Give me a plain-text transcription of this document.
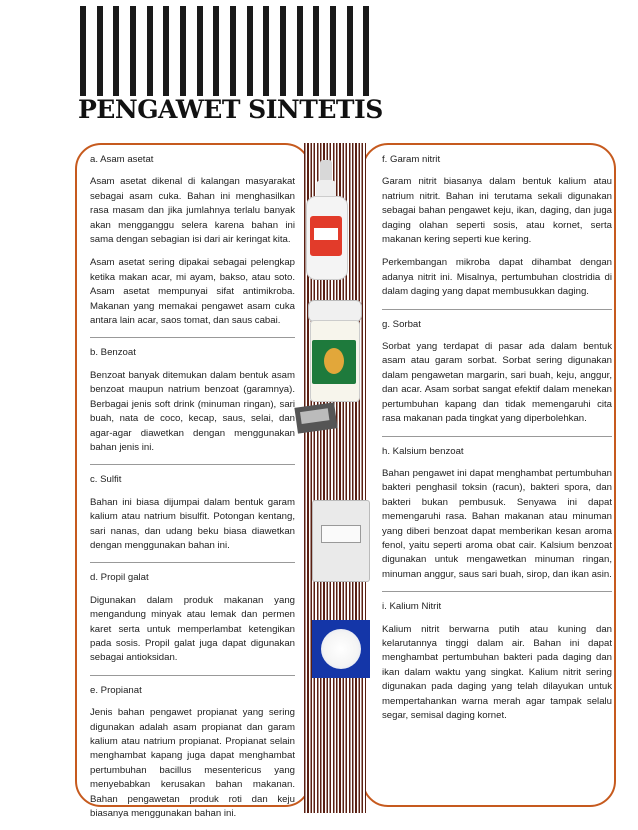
PENGAWET SINTETIS
a. Asam asetat

Asam asetat dikenal di kalangan masyarakat sebagai asam cuka. Bahan ini menghasilkan rasa masam dan jika jumlahnya terlalu banyak akan mengganggu selera karena bahan ini sama dengan sebagian isi dari air keringat kita.

Asam asetat sering dipakai sebagai pelengkap ketika makan acar, mi ayam, bakso, atau soto. Asam asetat mempunyai sifat antimikroba. Makanan yang memakai pengawet asam cuka antara lain acar, saos tomat, dan saus cabai.

b. Benzoat

Benzoat banyak ditemukan dalam bentuk asam benzoat maupun natrium benzoat (garamnya). Berbagai jenis soft drink (minuman ringan), sari buah, nata de coco, kecap, saus, selai, dan agar-agar diawetkan dengan menggunakan bahan jenis ini.

c. Sulfit

Bahan ini biasa dijumpai dalam bentuk garam kalium atau natrium bisulfit. Potongan kentang, sari nanas, dan udang beku biasa diawetkan dengan menggunakan bahan ini.

d. Propil galat

Digunakan dalam produk makanan yang mengandung minyak atau lemak dan permen karet serta untuk memperlambat ketengikan pada sosis. Propil galat juga dapat digunakan sebagai antioksidan.

e. Propianat

Jenis bahan pengawet propianat yang sering digunakan adalah asam propianat dan garam kalium atau natrium propianat. Propianat selain menghambat kapang juga dapat menghambat pertumbuhan bacillus mesentericus yang menyebabkan kerusakan bahan makanan. Bahan pengawetan produk roti dan keju biasanya menggunakan bahan ini.

f. Garam nitrit

Garam nitrit biasanya dalam bentuk kalium atau natrium nitrit. Bahan ini terutama sekali digunakan sebagai bahan pengawet keju, ikan, daging, dan juga daging olahan seperti sosis, atau kornet, serta makanan kering seperti kue kering.

Perkembangan mikroba dapat dihambat dengan adanya nitrit ini. Misalnya, pertumbuhan clostridia di dalam daging yang dapat membusukkan daging.

g. Sorbat

Sorbat yang terdapat di pasar ada dalam bentuk asam atau garam sorbat. Sorbat sering digunakan dalam pengawetan margarin, sari buah, keju, anggur, dan acar. Asam sorbat sangat efektif dalam menekan pertumbuhan kapang dan tidak memengaruhi cita rasa makanan pada tingkat yang diperbolehkan.

h. Kalsium benzoat

Bahan pengawet ini dapat menghambat pertumbuhan bakteri penghasil toksin (racun), bakteri spora, dan bakteri bukan pembusuk. Senyawa ini dapat memengaruhi rasa. Bahan makanan atau minuman yang diberi benzoat dapat memberikan kesan aroma fenol, yaitu seperti aroma obat cair. Kalsium benzoat digunakan untuk mengawetkan minuman ringan, minuman anggur, saus sari buah, sirop, dan ikan asin.

i. Kalium Nitrit

Kalium nitrit berwarna putih atau kuning dan kelarutannya tinggi dalam air. Bahan ini dapat menghambat pertumbuhan bakteri pada daging dan ikan dalam waktu yang singkat. Kalium nitrit sering digunakan pada daging yang telah dilayukan untuk mempertahankan warna merah agar tampak selalu segar, semisal daging kornet.
